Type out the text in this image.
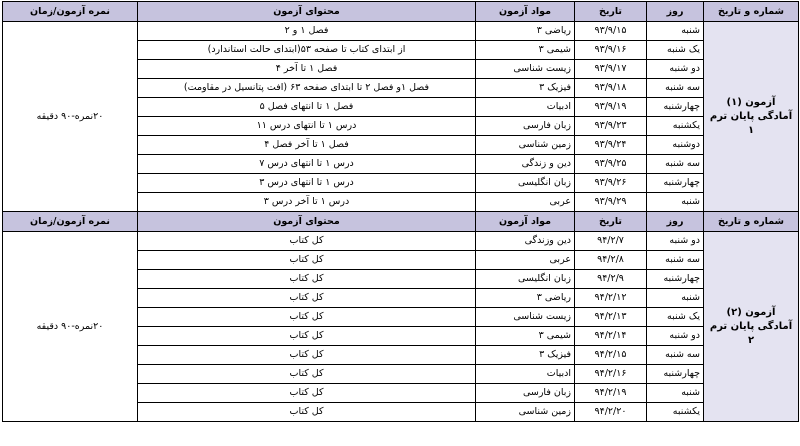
شماره و تاریخ	روز	تاریخ	مواد آزمون	محتوای آزمون	نمره آزمون/زمان

آزمون (۱)
آمادگی پایان ترم ۱	شنبه	۹۳/۹/۱۵	ریاضی ۳	فصل ۱ و ۲	۲۰نمره-۹۰ دقیقه
	یک شنبه	۹۳/۹/۱۶	شیمی ۳	از ابتدای کتاب تا صفحه ۵۳(ابتدای حالت استاندارد)	
	دو شنبه	۹۳/۹/۱۷	زیست شناسی	فصل ۱ تا آخر ۴	
	سه شنبه	۹۳/۹/۱۸	فیزیک ۳	فصل ۱و فصل ۲ تا ابتدای صفحه ۶۳ (افت پتانسیل در مقاومت)	
	چهارشنبه	۹۳/۹/۱۹	ادبیات	فصل ۱ تا انتهای فصل ۵	
	یکشنبه	۹۳/۹/۲۳	زبان فارسی	درس ۱ تا انتهای درس ۱۱	
	دوشنبه	۹۳/۹/۲۴	زمین شناسی	فصل ۱ تا آخر فصل ۴	
	سه شنبه	۹۳/۹/۲۵	دین و زندگی	درس ۱ تا انتهای درس ۷	
	چهارشنبه	۹۳/۹/۲۶	زبان انگلیسی	درس ۱ تا انتهای درس ۳	
	شنبه	۹۳/۹/۲۹	عربی	درس ۱ تا آخر درس ۳	
شماره و تاریخ	روز	تاریخ	مواد آزمون	محتوای آزمون	نمره آزمون/زمان

آزمون (۲)
آمادگی پایان ترم ۲	دو شنبه	۹۴/۲/۷	دین وزندگی	کل کتاب	۲۰نمره-۹۰ دقیقه
	سه شنبه	۹۴/۲/۸	عربی	کل کتاب	
	چهارشنبه	۹۴/۲/۹	زبان انگلیسی	کل کتاب	
	شنبه	۹۴/۲/۱۲	ریاضی ۳	کل کتاب	
	یک شنبه	۹۴/۲/۱۳	زیست شناسی	کل کتاب	
	دو شنبه	۹۴/۲/۱۴	شیمی ۳	کل کتاب	
	سه شنبه	۹۴/۲/۱۵	فیزیک ۳	کل کتاب	
	چهارشنبه	۹۴/۲/۱۶	ادبیات	کل کتاب	
	شنبه	۹۴/۲/۱۹	زبان فارسی	کل کتاب	
	یکشنبه	۹۴/۲/۲۰	زمین شناسی	کل کتاب	
